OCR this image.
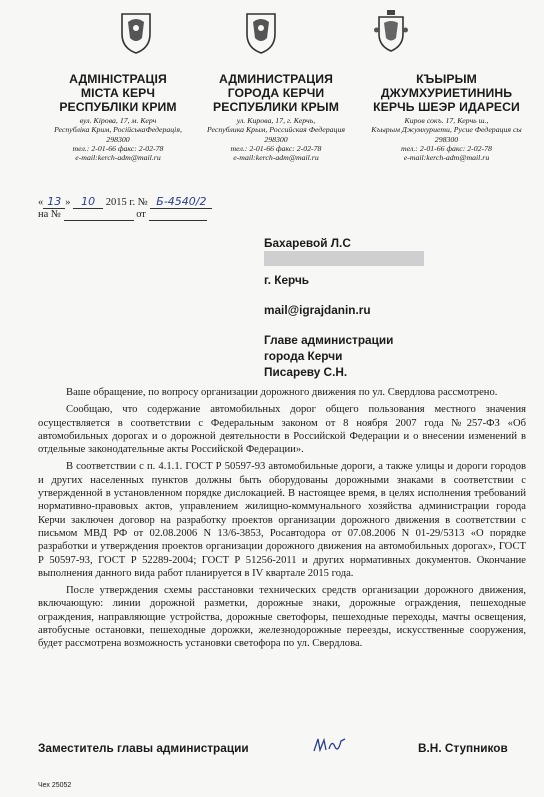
АДМІНІСТРАЦІЯ
МІСТА КЕРЧ
РЕСПУБЛІКИ КРИМ
вул. Кірова, 17, м. Керч
Республіка Крим, РосійськаФедерація,
298300
тел.: 2-01-66 факс: 2-02-78
e-mail:kerch-adm@mail.ru
АДМИНИСТРАЦИЯ
ГОРОДА КЕРЧИ
РЕСПУБЛИКИ КРЫМ
ул. Кирова, 17, г. Керчь,
Республика Крым, Российская Федерация
298300
тел.: 2-01-66 факс: 2-02-78
e-mail:kerch-adm@mail.ru
КЪЫРЫМ
ДЖУМХУРИЕТИНИНЬ
КЕРЧЬ ШЕЭР ИДАРЕСИ
Киров сокъ. 17, Керчь ш.,
Къырым Джумхуриети, Русие Федерация сы
298300
тел.: 2-01-66 факс: 2-02-78
e-mail:kerch-adm@mail.ru
« 13 » 10 2015 г. № Б-4540/2
на №	от
Бахаревой Л.С
г. Керчь
mail@igrajdanin.ru
Главе администрации
города Керчи
Писареву С.Н.

Ваше обращение, по вопросу организации дорожного движения по ул. Свердлова рассмотрено.

Сообщаю, что содержание автомобильных дорог общего пользования местного значения осуществляется в соответствии с Федеральным законом от 8 ноября 2007 года №257-ФЗ «Об автомобильных дорогах и о дорожной деятельности в Российской Федерации и о внесении изменений в отдельные законодательные акты Российской Федерации».

В соответствии с п. 4.1.1. ГОСТ Р 50597-93 автомобильные дороги, а также улицы и дороги городов и других населенных пунктов должны быть оборудованы дорожными знаками в соответствии с утвержденной в установленном порядке дислокацией. В настоящее время, в целях исполнения требований нормативно-правовых актов, управлением жилищно-коммунального хозяйства администрации города Керчи заключен договор на разработку проектов организации дорожного движения в соответствии с письмом МВД РФ от 02.08.2006 N 13/6-3853, Росавтодора от 07.08.2006 N 01-29/5313 «О порядке разработки и утверждения проектов организации дорожного движения на автомобильных дорогах», ГОСТ Р 50597-93, ГОСТ Р 52289-2004; ГОСТ Р 51256-2011 и других нормативных документов. Окончание выполнения данного вида работ планируется в IV квартале 2015 года.

После утверждения схемы расстановки технических средств организации дорожного движения, включающую: линии дорожной разметки, дорожные знаки, дорожные ограждения, пешеходные ограждения, направляющие устройства, дорожные светофоры, пешеходные переходы, мачты освещения, автобусные остановки, пешеходные дорожки, железнодорожные переезды, искусственные сооружения, будет рассмотрена возможность установки светофора по ул. Свердлова.

Заместитель главы администрации	В.Н. Ступников
Чех 25052
